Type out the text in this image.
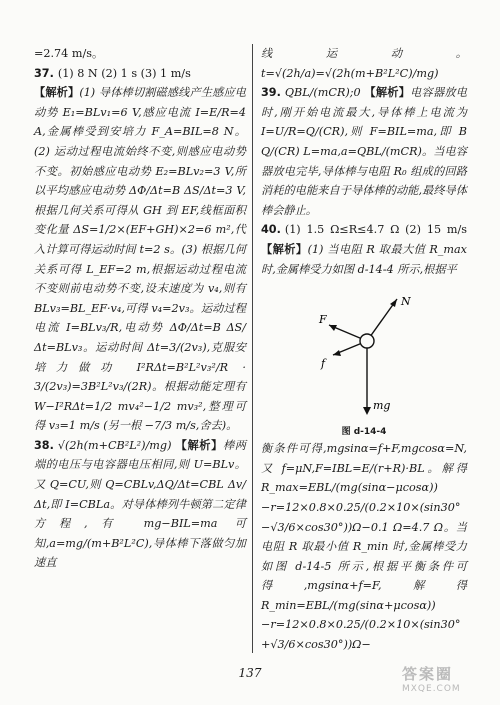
=2.74 m/s。

37. (1) 8 N (2) 1 s (3) 1 m/s

【解析】(1) 导体棒切割磁感线产生感应电动势 E₁=BLv₁=6 V,感应电流 I=E/R=4 A,金属棒受到安培力 F_A=BIL=8 N。(2) 运动过程电流始终不变,则感应电动势不变。初始感应电动势 E₂=BLv₂=3 V,所以平均感应电动势 ΔΦ/Δt=B ΔS/Δt=3 V,根据几何关系可得从 GH 到 EF,线框面积变化量 ΔS=1/2×(EF+GH)×2=6 m²,代入计算可得运动时间 t=2 s。(3) 根据几何关系可得 L_EF=2 m,根据运动过程电流不变则前电动势不变,设末速度为 v₄,则有 BLv₃=BL_EF·v₄,可得 v₄=2v₃。运动过程电流 I=BLv₃/R,电动势 ΔΦ/Δt=B ΔS/Δt=BLv₃。运动时间 Δt=3/(2v₃),克服安培力做功 I²RΔt=B²L²v₃²/R · 3/(2v₃)=3B²L²v₃/(2R)。根据动能定理有 W−I²RΔt=1/2 mv₄²−1/2 mv₃²,整理可得 v₃=1 m/s (另一根 −7/3 m/s,舍去)。

38. √(2h(m+CB²L²)/mg) 【解析】棒两端的电压与电容器电压相同,则 U=BLv。又 Q=CU,则 Q=CBLv,ΔQ/Δt=CBL Δv/Δt,即 I=CBLa。对导体棒列牛顿第二定律方程,有 mg−BIL=ma 可知,a=mg/(m+B²L²C),导体棒下落做匀加速直

线运动。t=√(2h/a)=√(2h(m+B²L²C)/mg)

39. QBL/(mCR);0 【解析】电容器放电时,刚开始电流最大,导体棒上电流为 I=U/R=Q/(CR),则 F=BIL=ma,即 B Q/(CR) L=ma,a=QBL/(mCR)。当电容器放电完毕,导体棒与电阻 R₀ 组成的回路消耗的电能来自于导体棒的动能,最终导体棒会静止。

40. (1) 1.5 Ω≤R≤4.7 Ω (2) 15 m/s 【解析】(1) 当电阻 R 取最大值 R_max 时,金属棒受力如图 d-14-4 所示,根据平

F
N
f
mg
图 d-14-4

衡条件可得,mgsinα=f+F,mgcosα=N,又 f=μN,F=IBL=E/(r+R)·BL。解得 R_max=EBL/(mg(sinα−μcosα))−r=12×0.8×0.25/(0.2×10×(sin30°−√3/6×cos30°))Ω−0.1 Ω=4.7 Ω。当电阻 R 取最小值 R_min 时,金属棒受力如图 d-14-5 所示,根据平衡条件可得,mgsinα+f=F,解得 R_min=EBL/(mg(sinα+μcosα))−r=12×0.8×0.25/(0.2×10×(sin30°+√3/6×cos30°))Ω−

137	答案圈
MXQE.COM
